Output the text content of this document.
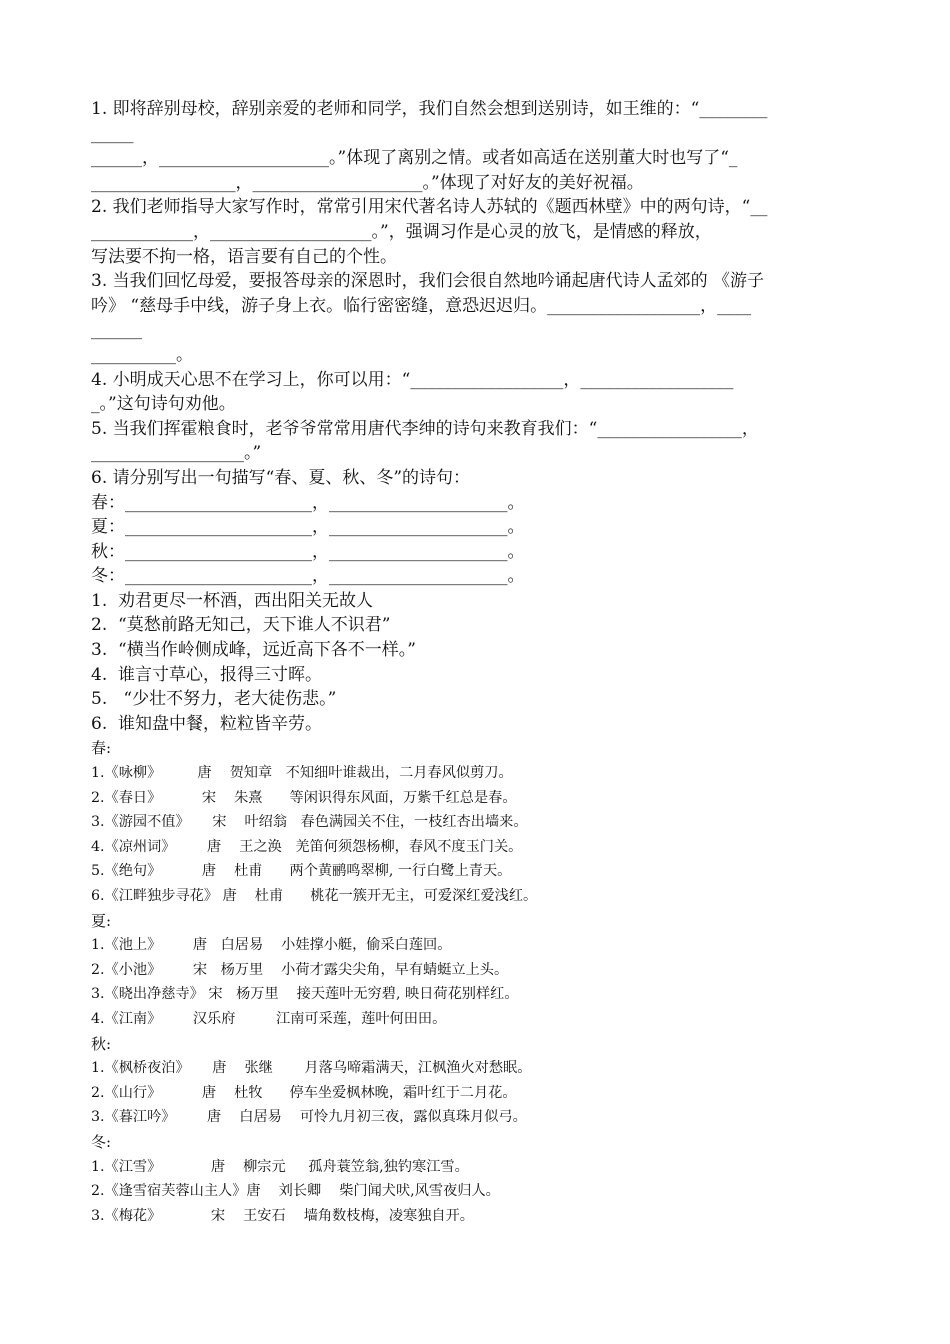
1. 即将辞别母校，辞别亲爱的老师和同学，我们自然会想到送别诗，如王维的：“________
_____
______，____________________。”体现了离别之情。或者如高适在送别董大时也写了“_
_________________，____________________。”体现了对好友的美好祝福。
2. 我们老师指导大家写作时，常常引用宋代著名诗人苏轼的《题西林壁》中的两句诗，“__
____________，___________________。”，强调习作是心灵的放飞，是情感的释放，
写法要不拘一格，语言要有自己的个性。
3. 当我们回忆母爱，要报答母亲的深恩时，我们会很自然地吟诵起唐代诗人孟郊的 《游子
吟》 “慈母手中线，游子身上衣。临行密密缝，意恐迟迟归。__________________，____
______
__________。
4. 小明成天心思不在学习上，你可以用：“__________________，__________________
_。”这句诗句劝他。
5. 当我们挥霍粮食时，老爷爷常常用唐代李绅的诗句来教育我们：“_________________，
__________________。”
6. 请分别写出一句描写“春、夏、秋、冬”的诗句：
春：______________________，_____________________。
夏：______________________，_____________________。
秋：______________________，_____________________。
冬：______________________，_____________________。
1.  劝君更尽一杯酒，西出阳关无故人
2.  “莫愁前路无知己，天下谁人不识君”
3.  “横当作岭侧成峰，远近高下各不一样。”
4.  谁言寸草心，报得三寸晖。
5.   “少壮不努力，老大徒伤悲。”
6.  谁知盘中餐，粒粒皆辛劳。
春:
1.《咏柳》        唐    贺知章   不知细叶谁裁出，二月春风似剪刀。
2.《春日》         宋    朱熹      等闲识得东风面，万紫千红总是春。
3.《游园不值》     宋    叶绍翁   春色满园关不住，一枝红杏出墙来。
4.《凉州词》       唐    王之涣   羌笛何须怨杨柳，春风不度玉门关。
5.《绝句》         唐    杜甫      两个黄鹂鸣翠柳, 一行白鹭上青天。
6.《江畔独步寻花》 唐    杜甫      桃花一簇开无主，可爱深红爱浅红。
夏:
1.《池上》       唐   白居易    小娃撑小艇，偷采白莲回。
2.《小池》       宋   杨万里    小荷才露尖尖角，早有蜻蜓立上头。
3.《晓出净慈寺》 宋   杨万里    接天莲叶无穷碧, 映日荷花别样红。
4.《江南》       汉乐府         江南可采莲，莲叶何田田。
秋:
1.《枫桥夜泊》     唐    张继       月落乌啼霜满天，江枫渔火对愁眠。
2.《山行》         唐    杜牧      停车坐爱枫林晚，霜叶红于二月花。
3.《暮江吟》       唐    白居易    可怜九月初三夜，露似真珠月似弓。
冬:
1.《江雪》           唐    柳宗元     孤舟蓑笠翁,独钓寒江雪。
2.《逢雪宿芙蓉山主人》唐    刘长卿    柴门闻犬吠,风雪夜归人。
3.《梅花》           宋    王安石    墙角数枝梅，凌寒独自开。
